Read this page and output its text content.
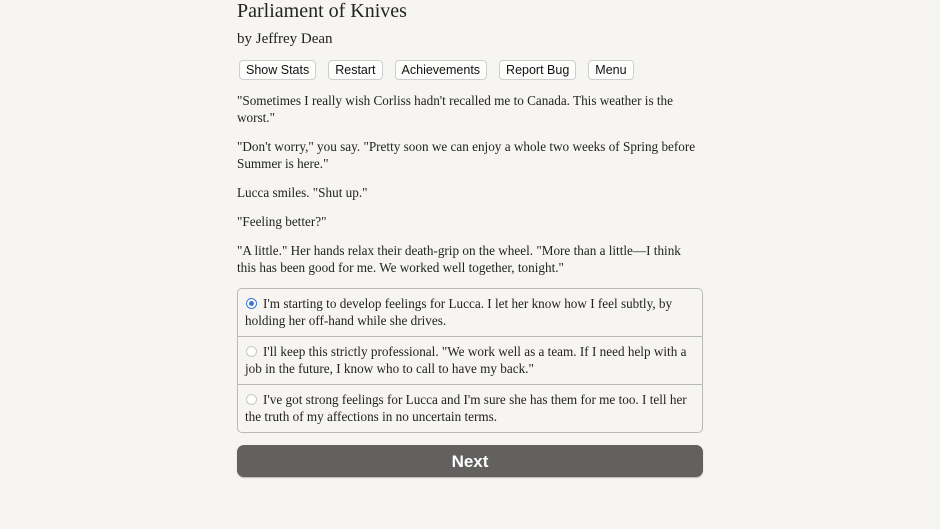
Parliament of Knives
by Jeffrey Dean
Show Stats	Restart	Achievements	Report Bug	Menu

"Sometimes I really wish Corliss hadn't recalled me to Canada. This weather is the worst."

"Don't worry," you say. "Pretty soon we can enjoy a whole two weeks of Spring before Summer is here."

Lucca smiles. "Shut up."

"Feeling better?"

"A little." Her hands relax their death-grip on the wheel. "More than a little—I think this has been good for me. We worked well together, tonight."

I'm starting to develop feelings for Lucca. I let her know how I feel subtly, by holding her off-hand while she drives.
I'll keep this strictly professional. "We work well as a team. If I need help with a job in the future, I know who to call to have my back."
I've got strong feelings for Lucca and I'm sure she has them for me too. I tell her the truth of my affections in no uncertain terms.
Next
